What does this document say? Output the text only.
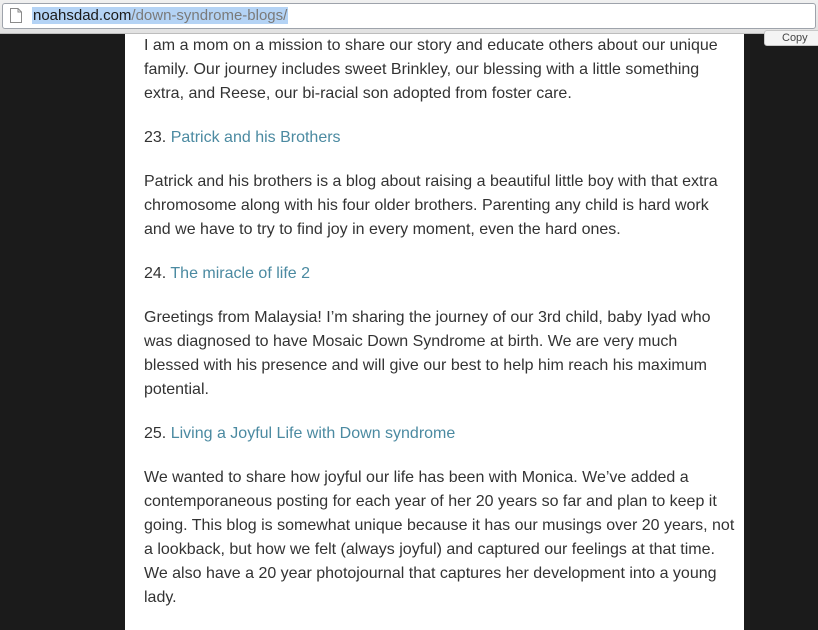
noahsdad.com/down-syndrome-blogs/
Copy

I am a mom on a mission to share our story and educate others about our unique family. Our journey includes sweet Brinkley, our blessing with a little something extra, and Reese, our bi-racial son adopted from foster care.

23. Patrick and his Brothers

Patrick and his brothers is a blog about raising a beautiful little boy with that extra chromosome along with his four older brothers. Parenting any child is hard work and we have to try to find joy in every moment, even the hard ones.

24. The miracle of life 2

Greetings from Malaysia! I’m sharing the journey of our 3rd child, baby Iyad who was diagnosed to have Mosaic Down Syndrome at birth. We are very much blessed with his presence and will give our best to help him reach his maximum potential.

25. Living a Joyful Life with Down syndrome

We wanted to share how joyful our life has been with Monica. We’ve added a contemporaneous posting for each year of her 20 years so far and plan to keep it going. This blog is somewhat unique because it has our musings over 20 years, not a lookback, but how we felt (always joyful) and captured our feelings at that time. We also have a 20 year photojournal that captures her development into a young lady.
